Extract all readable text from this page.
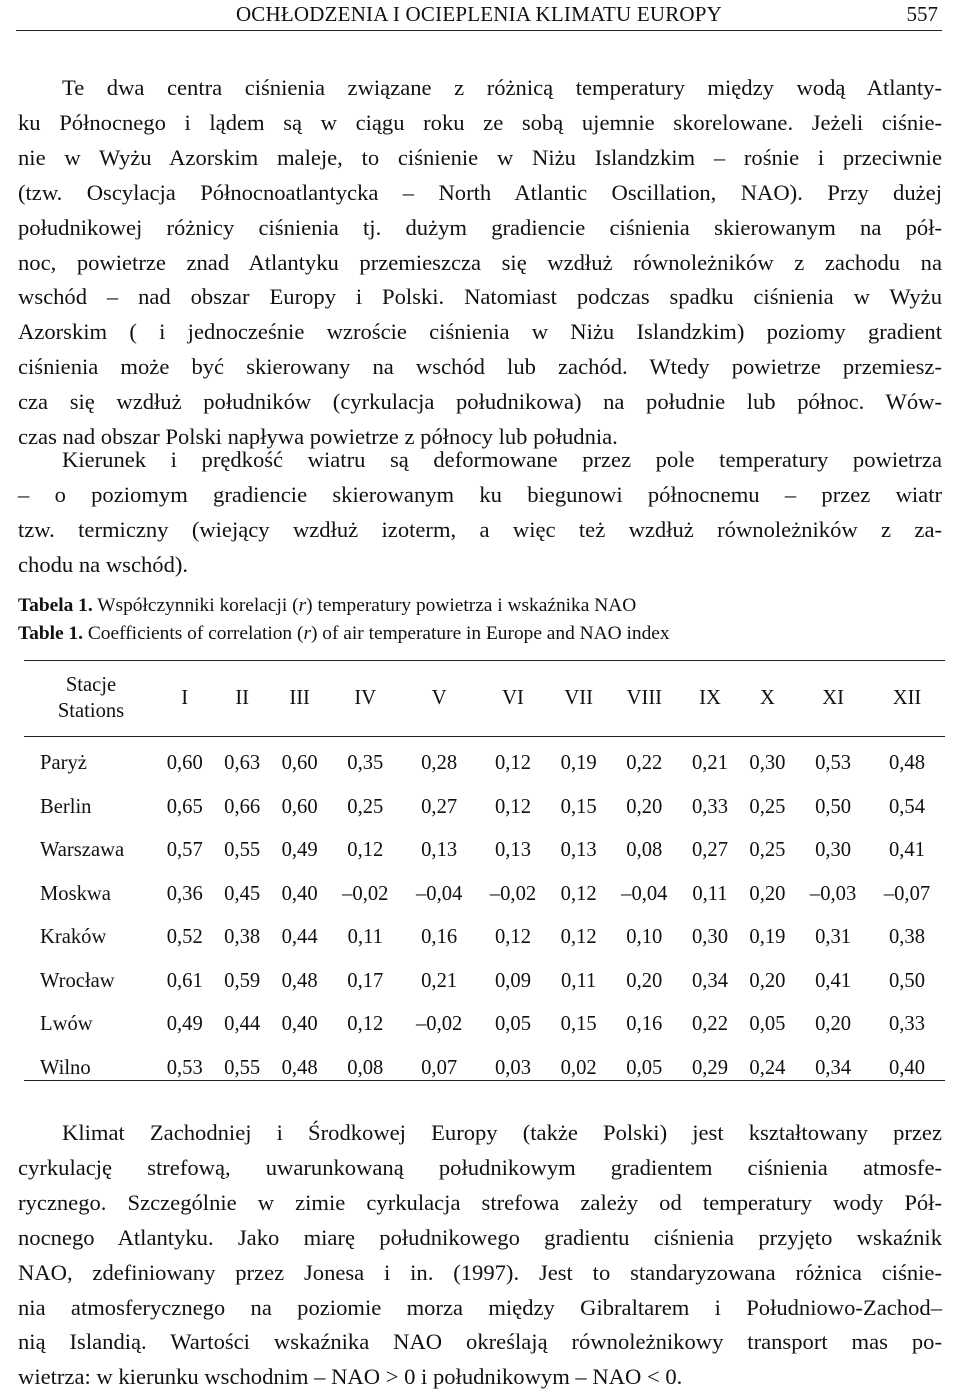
OCHŁODZENIA I OCIEPLENIA KLIMATU EUROPY	557
Te dwa centra ciśnienia związane z różnicą temperatury między wodą Atlanty-
ku Północnego i lądem są w ciągu roku ze sobą ujemnie skorelowane. Jeżeli ciśnie-
nie w Wyżu Azorskim maleje, to ciśnienie w Niżu Islandzkim – rośnie i przeciwnie
(tzw. Oscylacja Północnoatlantycka – North Atlantic Oscillation, NAO). Przy dużej
południkowej różnicy ciśnienia tj. dużym gradiencie ciśnienia skierowanym na pół-
noc, powietrze znad Atlantyku przemieszcza się wzdłuż równoleżników z zachodu na
wschód – nad obszar Europy i Polski. Natomiast podczas spadku ciśnienia w Wyżu
Azorskim ( i jednocześnie wzroście ciśnienia w Niżu Islandzkim) poziomy gradient
ciśnienia może być skierowany na wschód lub zachód. Wtedy powietrze przemiesz-
cza się wzdłuż południków (cyrkulacja południkowa) na południe lub północ. Wów-
czas nad obszar Polski napływa powietrze z północy lub południa.
Kierunek i prędkość wiatru są deformowane przez pole temperatury powietrza
– o poziomym gradiencie skierowanym ku biegunowi północnemu – przez wiatr
tzw. termiczny (wiejący wzdłuż izoterm, a więc też wzdłuż równoleżników z za-
chodu na wschód).
Tabela 1. Współczynniki korelacji (r) temperatury powietrza i wskaźnika NAO
Table 1. Coefficients of correlation (r) of air temperature in Europe and NAO index
Stacje
Stations	I	II	III	IV	V	VI	VII	VIII	IX	X	XI	XII
Paryż	0,60	0,63	0,60	0,35	0,28	0,12	0,19	0,22	0,21	0,30	0,53	0,48
Berlin	0,65	0,66	0,60	0,25	0,27	0,12	0,15	0,20	0,33	0,25	0,50	0,54
Warszawa	0,57	0,55	0,49	0,12	0,13	0,13	0,13	0,08	0,27	0,25	0,30	0,41
Moskwa	0,36	0,45	0,40	–0,02	–0,04	–0,02	0,12	–0,04	0,11	0,20	–0,03	–0,07
Kraków	0,52	0,38	0,44	0,11	0,16	0,12	0,12	0,10	0,30	0,19	0,31	0,38
Wrocław	0,61	0,59	0,48	0,17	0,21	0,09	0,11	0,20	0,34	0,20	0,41	0,50
Lwów	0,49	0,44	0,40	0,12	–0,02	0,05	0,15	0,16	0,22	0,05	0,20	0,33
Wilno	0,53	0,55	0,48	0,08	0,07	0,03	0,02	0,05	0,29	0,24	0,34	0,40
Klimat Zachodniej i Środkowej Europy (także Polski) jest kształtowany przez
cyrkulację strefową, uwarunkowaną południkowym gradientem ciśnienia atmosfe-
rycznego. Szczególnie w zimie cyrkulacja strefowa zależy od temperatury wody Pół-
nocnego Atlantyku. Jako miarę południkowego gradientu ciśnienia przyjęto wskaźnik
NAO, zdefiniowany przez Jonesa i in. (1997). Jest to standaryzowana różnica ciśnie-
nia atmosferycznego na poziomie morza między Gibraltarem i Południowo-Zachod–
nią Islandią. Wartości wskaźnika NAO określają równoleżnikowy transport mas po-
wietrza: w kierunku wschodnim – NAO > 0 i południkowym – NAO < 0.
